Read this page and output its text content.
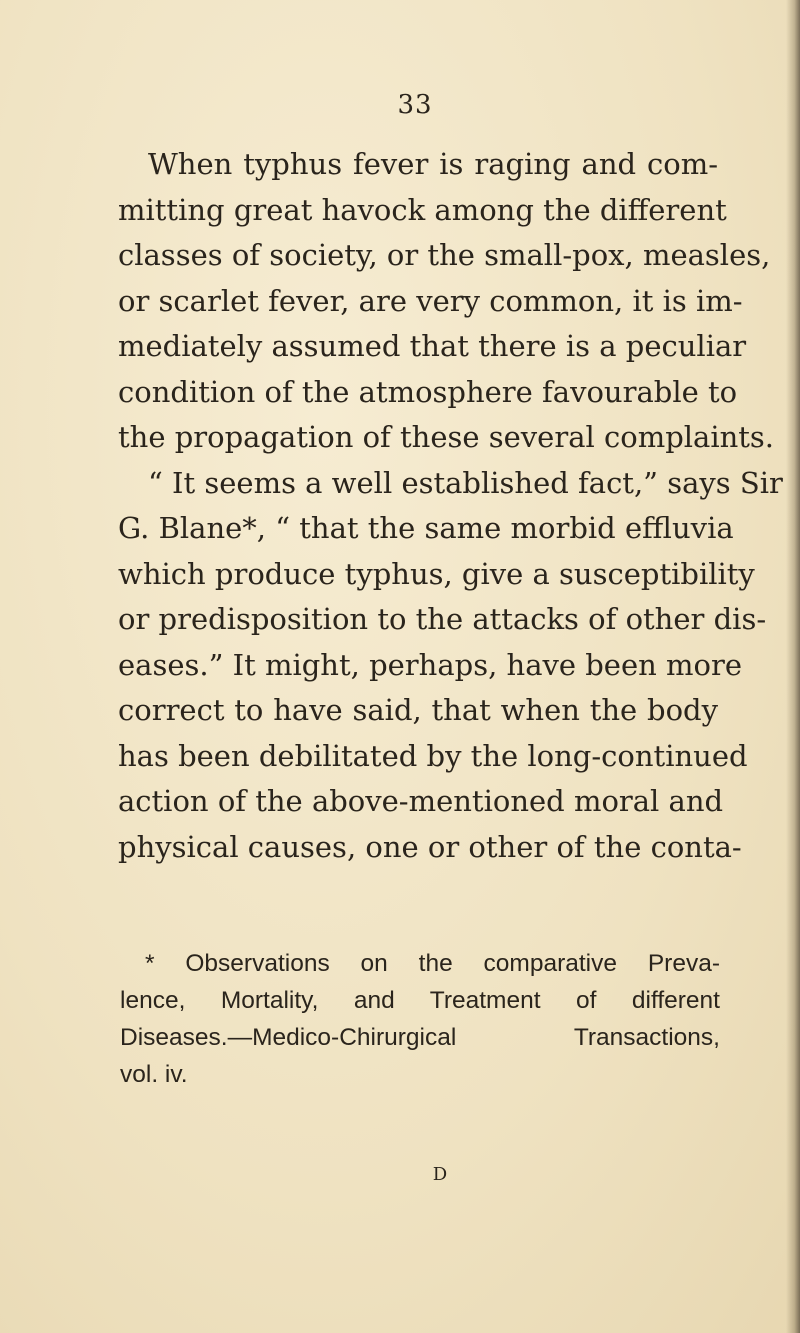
33
When typhus fever is raging and com-
mitting great havock among the different
classes of society, or the small-pox, measles,
or scarlet fever, are very common, it is im-
mediately assumed that there is a peculiar
condition of the atmosphere favourable to
the propagation of these several complaints.
“ It seems a well established fact,” says Sir
G. Blane*, “ that the same morbid effluvia
which produce typhus, give a susceptibility
or predisposition to the attacks of other dis-
eases.” It might, perhaps, have been more
correct to have said, that when the body
has been debilitated by the long-continued
action of the above-mentioned moral and
physical causes, one or other of the conta-
* Observations on the comparative Preva-
lence, Mortality, and Treatment of different
Diseases.—Medico-Chirurgical Transactions,
vol. iv.
D
